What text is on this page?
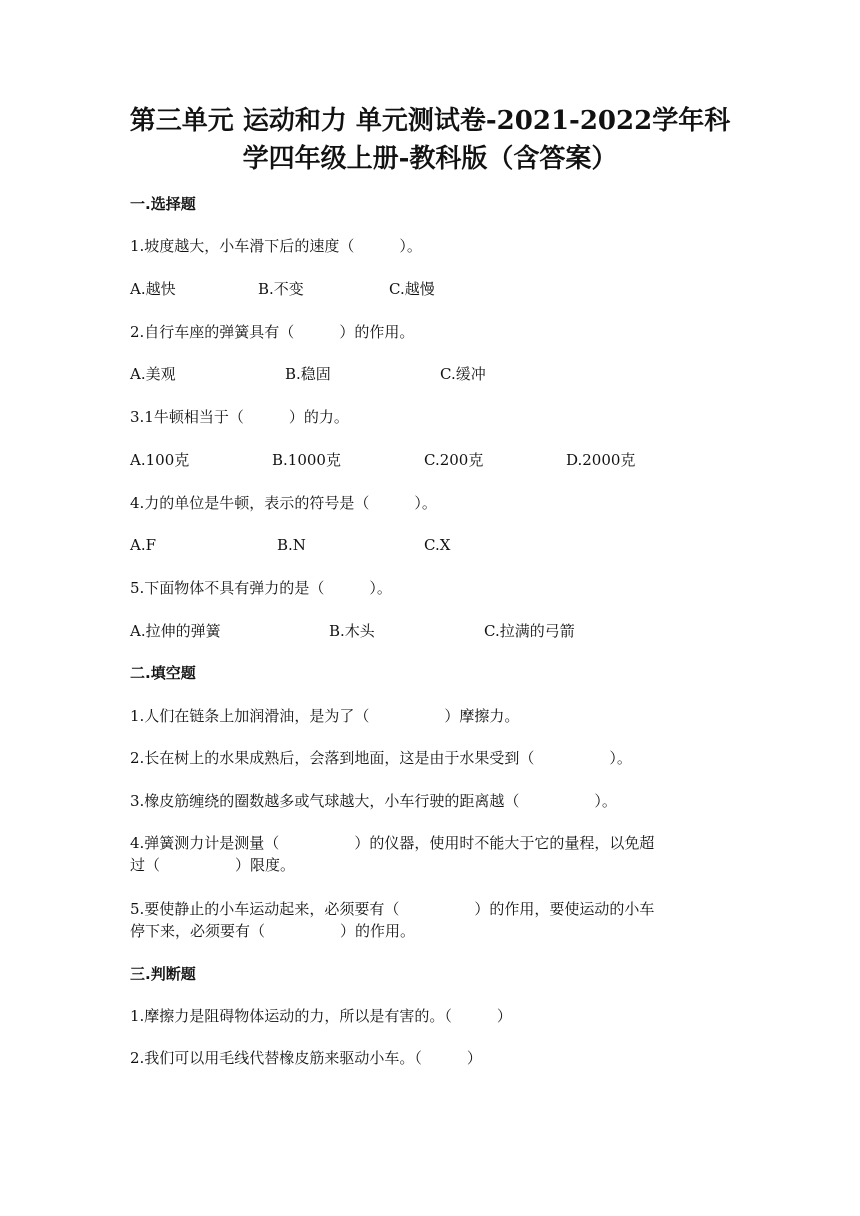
第三单元 运动和力 单元测试卷-2021-2022学年科
学四年级上册-教科版（含答案）
一.选择题
1.坡度越大，小车滑下后的速度（　　　）。
A.越快	B.不变	C.越慢
2.自行车座的弹簧具有（　　　）的作用。
A.美观	B.稳固	C.缓冲
3.1牛顿相当于（　　　）的力。
A.100克	B.1000克	C.200克	D.2000克
4.力的单位是牛顿，表示的符号是（　　　）。
A.F	B.N	C.X
5.下面物体不具有弹力的是（　　　）。
A.拉伸的弹簧	B.木头	C.拉满的弓箭
二.填空题
1.人们在链条上加润滑油，是为了（　　　　　）摩擦力。
2.长在树上的水果成熟后，会落到地面，这是由于水果受到（　　　　　）。
3.橡皮筋缠绕的圈数越多或气球越大，小车行驶的距离越（　　　　　）。
4.弹簧测力计是测量（　　　　　）的仪器，使用时不能大于它的量程，以免超
过（　　　　　）限度。
5.要使静止的小车运动起来，必须要有（　　　　　）的作用，要使运动的小车
停下来，必须要有（　　　　　）的作用。
三.判断题
1.摩擦力是阻碍物体运动的力，所以是有害的。（　　　）
2.我们可以用毛线代替橡皮筋来驱动小车。（　　　）
